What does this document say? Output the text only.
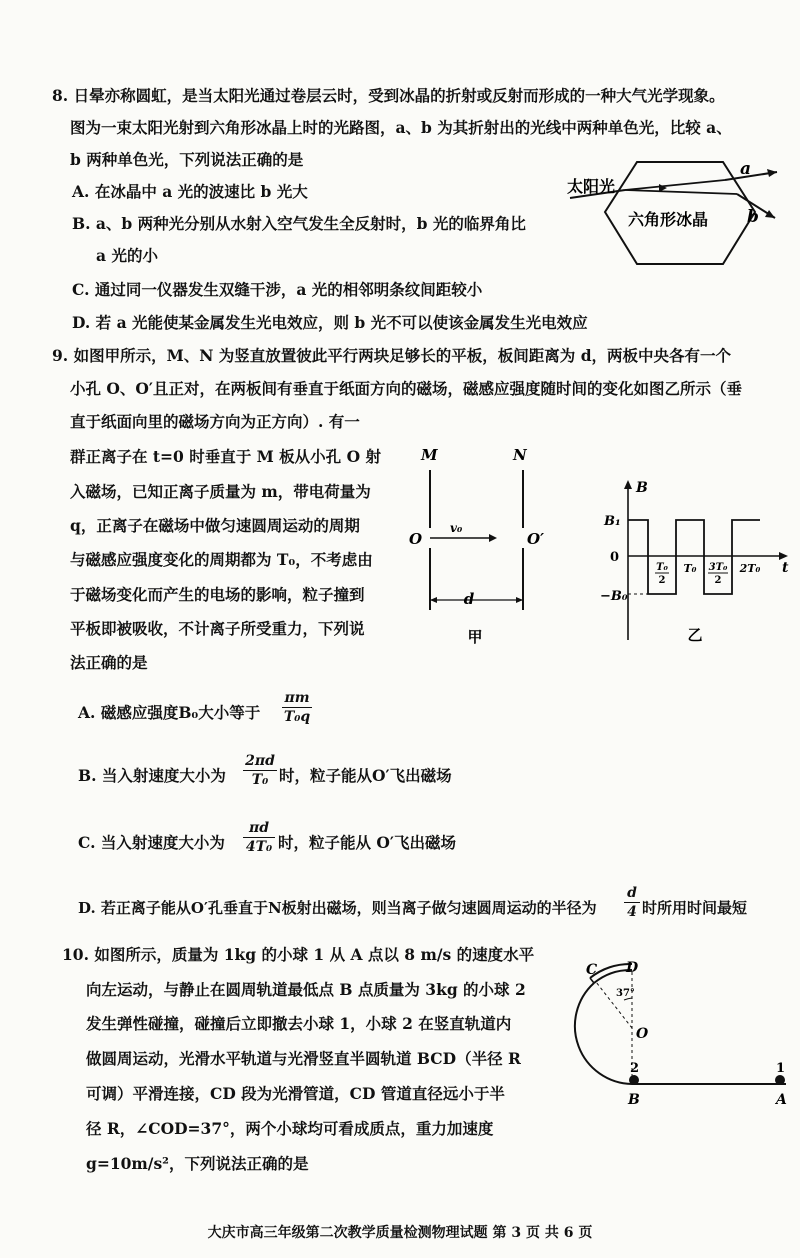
8. 日晕亦称圆虹，是当太阳光通过卷层云时，受到冰晶的折射或反射而形成的一种大气光学现象。
图为一束太阳光射到六角形冰晶上时的光路图，a、b 为其折射出的光线中两种单色光，比较 a、
b 两种单色光，下列说法正确的是
A. 在冰晶中 a 光的波速比 b 光大
B. a、b 两种光分别从水射入空气发生全反射时，b 光的临界角比
a 光的小
C. 通过同一仪器发生双缝干涉，a 光的相邻明条纹间距较小
D. 若 a 光能使某金属发生光电效应，则 b 光不可以使该金属发生光电效应
太阳光
六角形冰晶
a
b
9. 如图甲所示，M、N 为竖直放置彼此平行两块足够长的平板，板间距离为 d，两板中央各有一个
小孔 O、O′且正对，在两板间有垂直于纸面方向的磁场，磁感应强度随时间的变化如图乙所示（垂
直于纸面向里的磁场方向为正方向）. 有一
群正离子在 t=0 时垂直于 M 板从小孔 O 射
入磁场，已知正离子质量为 m，带电荷量为
q，正离子在磁场中做匀速圆周运动的周期
与磁感应强度变化的周期都为 T₀，不考虑由
于磁场变化而产生的电场的影响，粒子撞到
平板即被吸收，不计离子所受重力，下列说
法正确的是
M	N
O	O′
v₀
d
甲
B
t
B₁
0
−B₀
T₀
2
T₀ 3T₀
2
2T₀
乙
A. 磁感应强度B₀大小等于
πm
T₀q
B. 当入射速度大小为
2πd
T₀ 时，粒子能从O′飞出磁场
C. 当入射速度大小为
πd
4T₀ 时，粒子能从 O′飞出磁场
D. 若正离子能从O′孔垂直于N板射出磁场，则当离子做匀速圆周运动的半径为
d
4 时所用时间最短
10. 如图所示，质量为 1kg 的小球 1 从 A 点以 8 m/s 的速度水平
向左运动，与静止在圆周轨道最低点 B 点质量为 3kg 的小球 2
发生弹性碰撞，碰撞后立即撤去小球 1，小球 2 在竖直轨道内
做圆周运动，光滑水平轨道与光滑竖直半圆轨道 BCD（半径 R
可调）平滑连接，CD 段为光滑管道，CD 管道直径远小于半
径 R，∠COD=37°，两个小球均可看成质点，重力加速度
g=10m/s²，下列说法正确的是
C D
37°
O
2	1
B	A
大庆市高三年级第二次教学质量检测物理试题 第 3 页 共 6 页
